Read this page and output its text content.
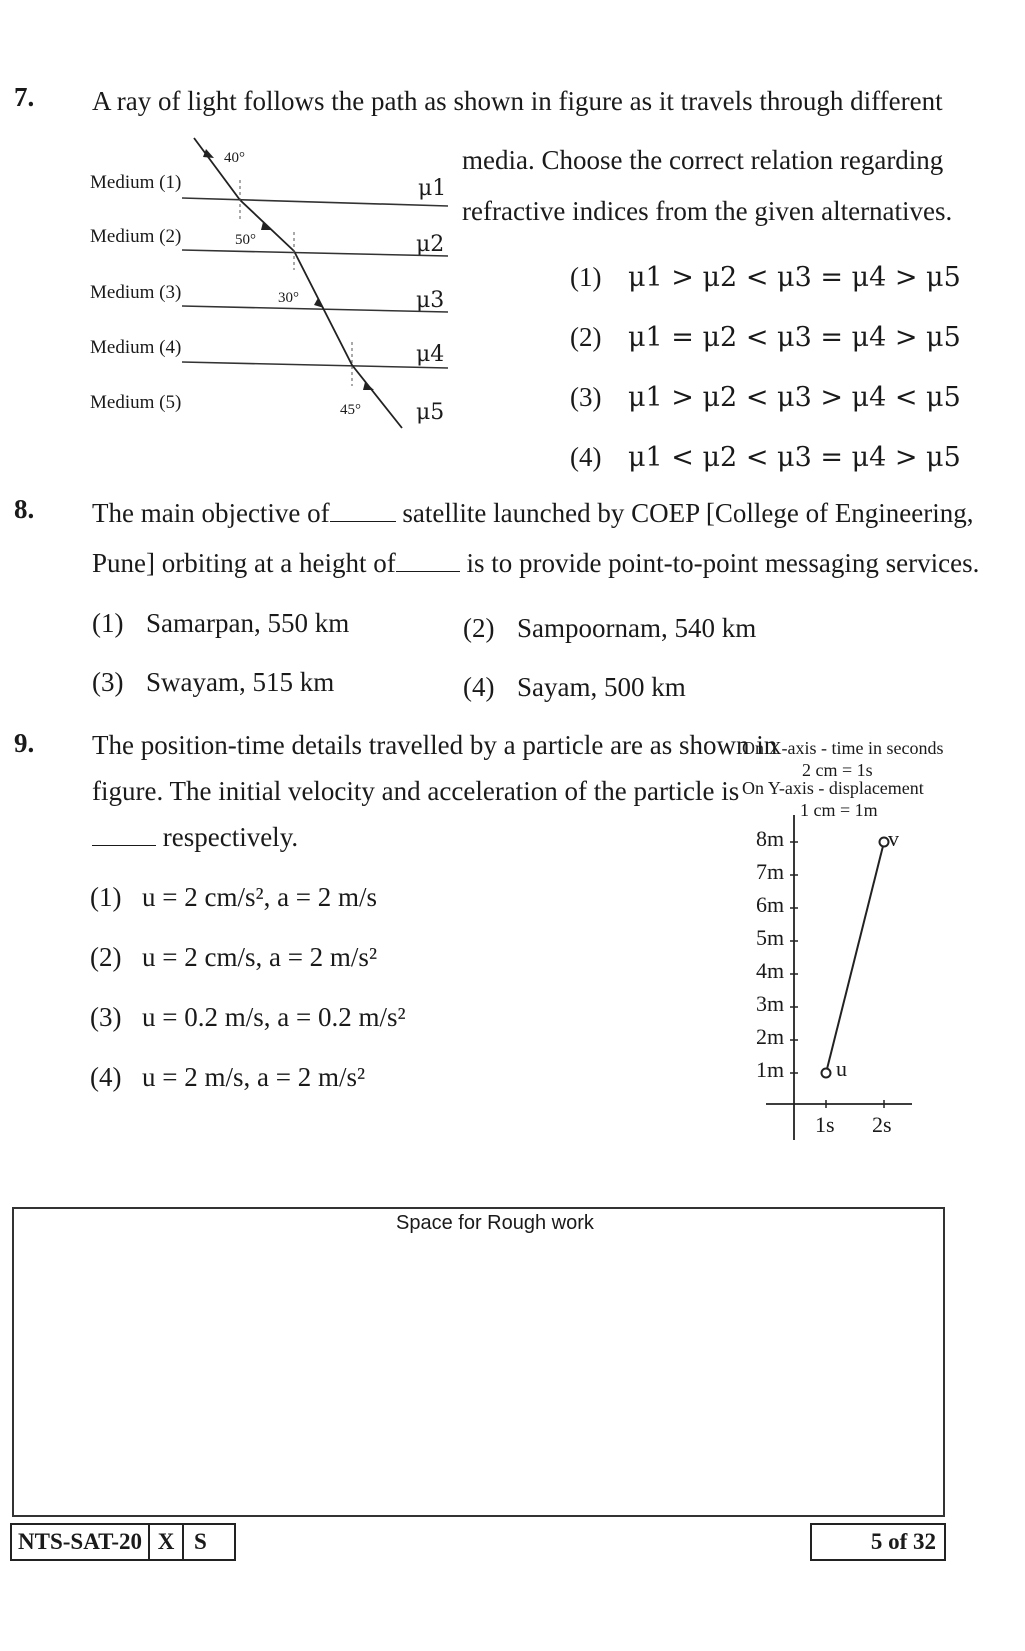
7. A ray of light follows the path as shown in figure as it travels through different
media. Choose the correct relation regarding
refractive indices from the given alternatives.
Medium (1)
Medium (2)
Medium (3)
Medium (4)
Medium (5)
μ1
μ2
μ3
μ4
μ5
40°
50°
30°
45°
(1) μ1 > μ2 < μ3 = μ4 > μ5
(2) μ1 = μ2 < μ3 = μ4 > μ5
(3) μ1 > μ2 < μ3 > μ4 < μ5
(4) μ1 < μ2 < μ3 = μ4 > μ5
8. The main objective of	satellite launched by COEP [College of Engineering,
Pune] orbiting at a height of	is to provide point-to-point messaging services.
(1) Samarpan, 550 km	(2) Sampoornam, 540 km
(3) Swayam, 515 km	(4) Sayam, 500 km
9. The position-time details travelled by a particle are as shown in
figure. The initial velocity and acceleration of the particle is
respectively.
(1) u = 2 cm/s², a = 2 m/s
(2) u = 2 cm/s, a = 2 m/s²
(3) u = 0.2 m/s, a = 0.2 m/s²
(4) u = 2 m/s, a = 2 m/s²
On X-axis - time in seconds
2 cm = 1s
On Y-axis - displacement
1 cm = 1m
8m
7m
6m
5m
4m
3m
2m
1m
1s 2s
u
v
Space for Rough work
NTS-SAT-20 X S	5 of 32
